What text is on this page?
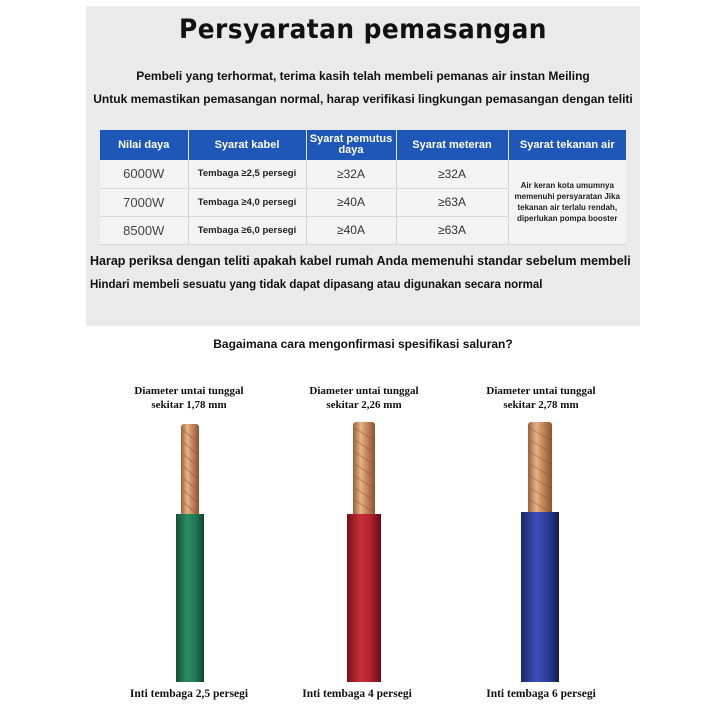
Persyaratan pemasangan
Pembeli yang terhormat, terima kasih telah membeli pemanas air instan Meiling
Untuk memastikan pemasangan normal, harap verifikasi lingkungan pemasangan dengan teliti
Nilai daya	Syarat kabel	Syarat pemutus daya	Syarat meteran	Syarat tekanan air
6000W	Tembaga ≥2,5 persegi	≥32A	≥32A	Air keran kota umumnya memenuhi persyaratan Jika tekanan air terlalu rendah, diperlukan pompa booster
7000W	Tembaga ≥4,0 persegi	≥40A	≥63A	
8500W	Tembaga ≥6,0 persegi	≥40A	≥63A	
Harap periksa dengan teliti apakah kabel rumah Anda memenuhi standar sebelum membeli
Hindari membeli sesuatu yang tidak dapat dipasang atau digunakan secara normal
Bagaimana cara mengonfirmasi spesifikasi saluran?
Diameter untai tunggal
sekitar 1,78 mm
Inti tembaga 2,5 persegi
Diameter untai tunggal
sekitar 2,26 mm
Inti tembaga 4 persegi
Diameter untai tunggal
sekitar 2,78 mm
Inti tembaga 6 persegi
